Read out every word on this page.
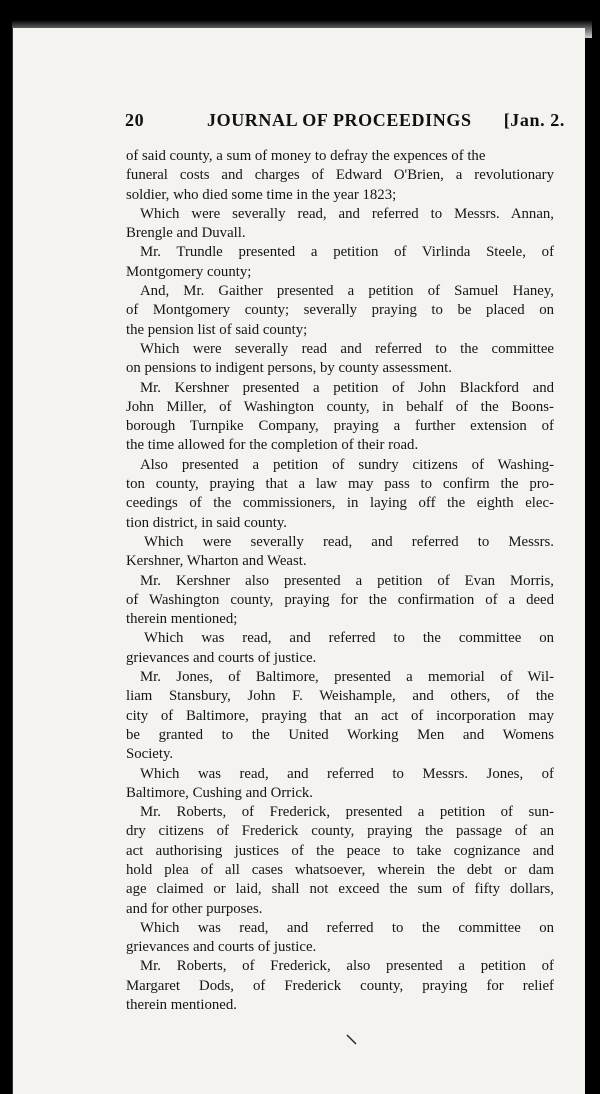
20	JOURNAL OF PROCEEDINGS [Jan. 2.
of said county, a sum of money to defray the expences of the
funeral costs and charges of Edward O'Brien, a revolutionary
soldier, who died some time in the year 1823;
Which were severally read, and referred to Messrs. Annan,
Brengle and Duvall.
Mr. Trundle presented a petition of Virlinda Steele, of
Montgomery county;
And, Mr. Gaither presented a petition of Samuel Haney,
of Montgomery county; severally praying to be placed on
the pension list of said county;
Which were severally read and referred to the committee
on pensions to indigent persons, by county assessment.
Mr. Kershner presented a petition of John Blackford and
John Miller, of Washington county, in behalf of the Boons-
borough Turnpike Company, praying a further extension of
the time allowed for the completion of their road.
Also presented a petition of sundry citizens of Washing-
ton county, praying that a law may pass to confirm the pro-
ceedings of the commissioners, in laying off the eighth elec-
tion district, in said county.
Which were severally read, and referred to Messrs.
Kershner, Wharton and Weast.
Mr. Kershner also presented a petition of Evan Morris,
of Washington county, praying for the confirmation of a deed
therein mentioned;
Which was read, and referred to the committee on
grievances and courts of justice.
Mr. Jones, of Baltimore, presented a memorial of Wil-
liam Stansbury, John F. Weishample, and others, of the
city of Baltimore, praying that an act of incorporation may
be granted to the United Working Men and Womens
Society.
Which was read, and referred to Messrs. Jones, of
Baltimore, Cushing and Orrick.
Mr. Roberts, of Frederick, presented a petition of sun-
dry citizens of Frederick county, praying the passage of an
act authorising justices of the peace to take cognizance and
hold plea of all cases whatsoever, wherein the debt or dam
age claimed or laid, shall not exceed the sum of fifty dollars,
and for other purposes.
Which was read, and referred to the committee on
grievances and courts of justice.
Mr. Roberts, of Frederick, also presented a petition of
Margaret Dods, of Frederick county, praying for relief
therein mentioned.
